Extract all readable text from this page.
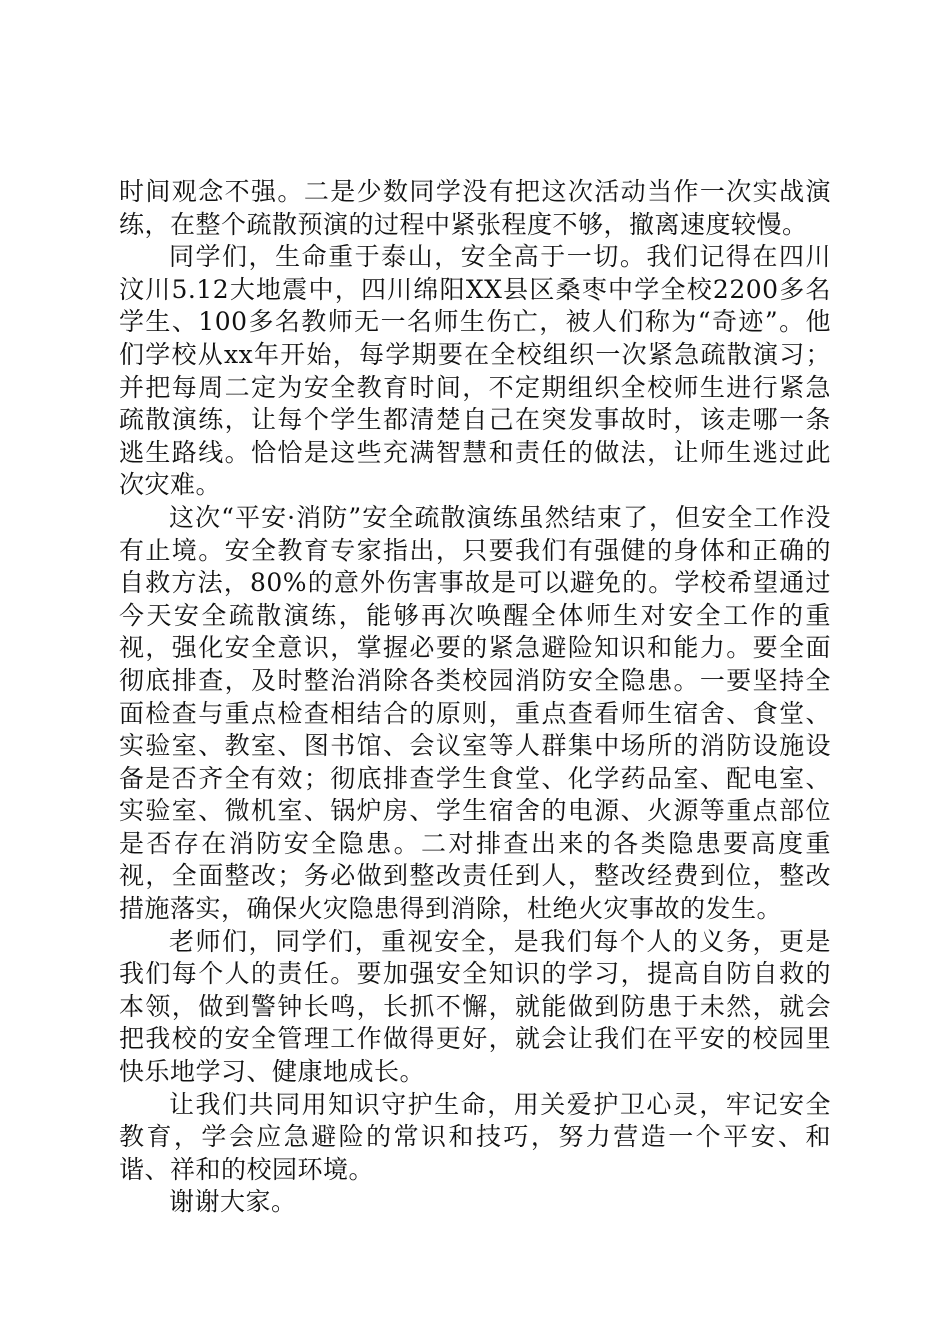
时间观念不强。二是少数同学没有把这次活动当作一次实战演练，在整个疏散预演的过程中紧张程度不够，撤离速度较慢。

同学们，生命重于泰山，安全高于一切。我们记得在四川汶川5.12大地震中，四川绵阳XX县区桑枣中学全校2200多名学生、100多名教师无一名师生伤亡，被人们称为“奇迹”。他们学校从xx年开始，每学期要在全校组织一次紧急疏散演习；并把每周二定为安全教育时间，不定期组织全校师生进行紧急疏散演练，让每个学生都清楚自己在突发事故时，该走哪一条逃生路线。恰恰是这些充满智慧和责任的做法，让师生逃过此次灾难。

这次“平安·消防”安全疏散演练虽然结束了，但安全工作没有止境。安全教育专家指出，只要我们有强健的身体和正确的自救方法，80%的意外伤害事故是可以避免的。学校希望通过今天安全疏散演练，能够再次唤醒全体师生对安全工作的重视，强化安全意识，掌握必要的紧急避险知识和能力。要全面彻底排查，及时整治消除各类校园消防安全隐患。一要坚持全面检查与重点检查相结合的原则，重点查看师生宿舍、食堂、实验室、教室、图书馆、会议室等人群集中场所的消防设施设备是否齐全有效；彻底排查学生食堂、化学药品室、配电室、实验室、微机室、锅炉房、学生宿舍的电源、火源等重点部位是否存在消防安全隐患。二对排查出来的各类隐患要高度重视，全面整改；务必做到整改责任到人，整改经费到位，整改措施落实，确保火灾隐患得到消除，杜绝火灾事故的发生。

老师们，同学们，重视安全，是我们每个人的义务，更是我们每个人的责任。要加强安全知识的学习，提高自防自救的本领，做到警钟长鸣，长抓不懈，就能做到防患于未然，就会把我校的安全管理工作做得更好，就会让我们在平安的校园里快乐地学习、健康地成长。

让我们共同用知识守护生命，用关爱护卫心灵，牢记安全教育，学会应急避险的常识和技巧，努力营造一个平安、和谐、祥和的校园环境。

谢谢大家。
